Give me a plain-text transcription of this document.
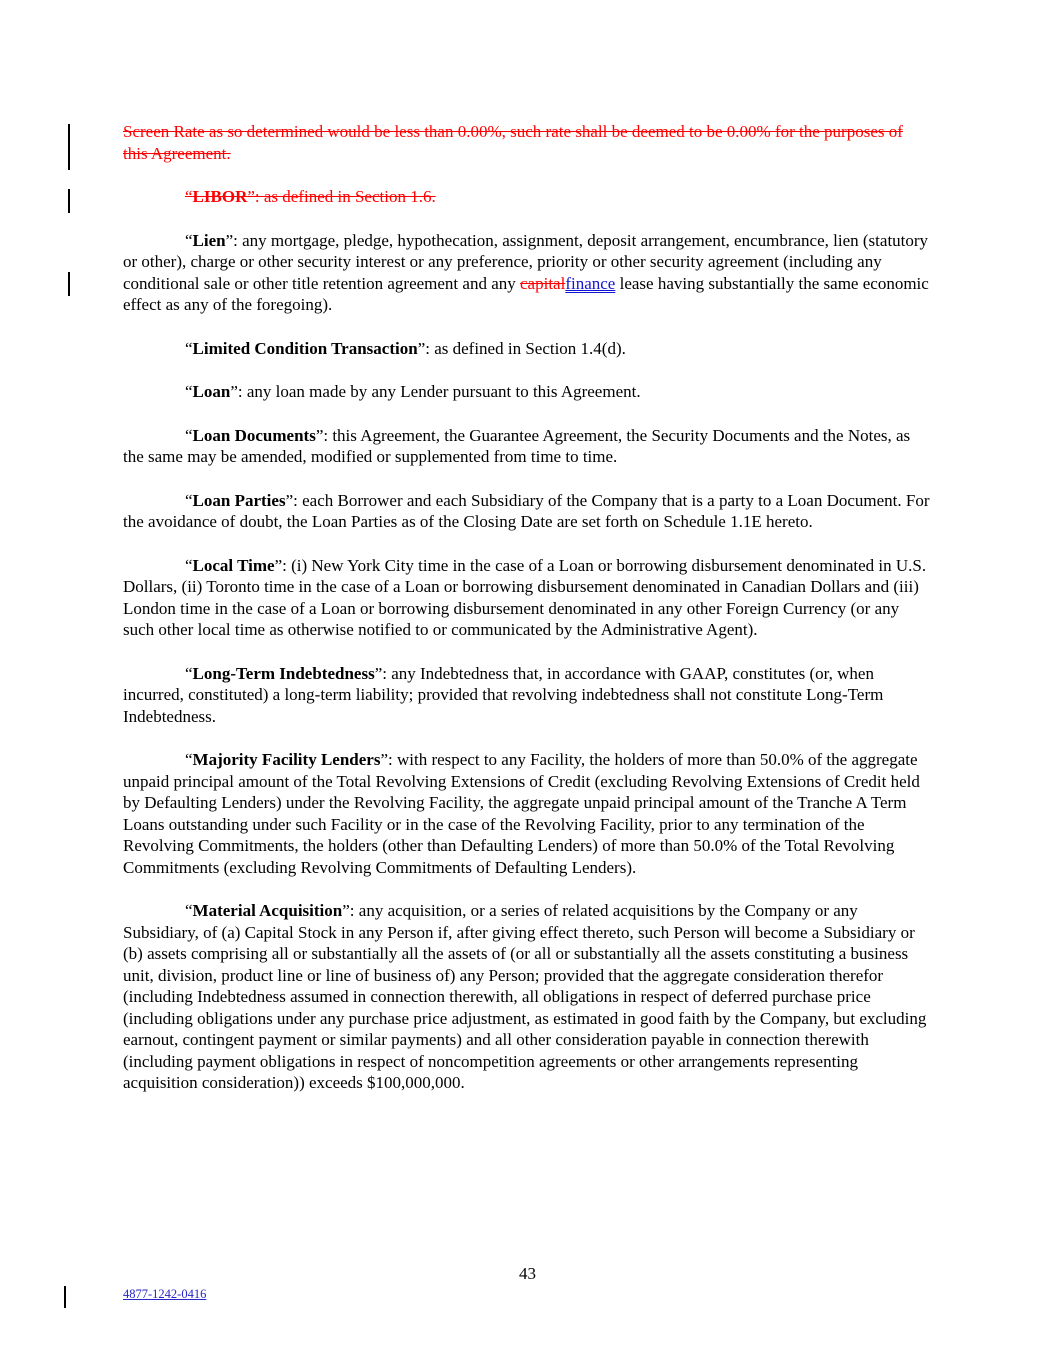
Screen Rate as so determined would be less than 0.00%, such rate shall be deemed to be 0.00% for the purposes of this Agreement.

“LIBOR”: as defined in Section 1.6.

“Lien”: any mortgage, pledge, hypothecation, assignment, deposit arrangement, encumbrance, lien (statutory or other), charge or other security interest or any preference, priority or other security agreement (including any conditional sale or other title retention agreement and any capitalfinance lease having substantially the same economic effect as any of the foregoing).

“Limited Condition Transaction”: as defined in Section 1.4(d).

“Loan”: any loan made by any Lender pursuant to this Agreement.

“Loan Documents”: this Agreement, the Guarantee Agreement, the Security Documents and the Notes, as the same may be amended, modified or supplemented from time to time.

“Loan Parties”: each Borrower and each Subsidiary of the Company that is a party to a Loan Document. For the avoidance of doubt, the Loan Parties as of the Closing Date are set forth on Schedule 1.1E hereto.

“Local Time”: (i) New York City time in the case of a Loan or borrowing disbursement denominated in U.S. Dollars, (ii) Toronto time in the case of a Loan or borrowing disbursement denominated in Canadian Dollars and (iii) London time in the case of a Loan or borrowing disbursement denominated in any other Foreign Currency (or any such other local time as otherwise notified to or communicated by the Administrative Agent).

“Long-Term Indebtedness”: any Indebtedness that, in accordance with GAAP, constitutes (or, when incurred, constituted) a long-term liability; provided that revolving indebtedness shall not constitute Long-Term Indebtedness.

“Majority Facility Lenders”: with respect to any Facility, the holders of more than 50.0% of the aggregate unpaid principal amount of the Total Revolving Extensions of Credit (excluding Revolving Extensions of Credit held by Defaulting Lenders) under the Revolving Facility, the aggregate unpaid principal amount of the Tranche A Term Loans outstanding under such Facility or in the case of the Revolving Facility, prior to any termination of the Revolving Commitments, the holders (other than Defaulting Lenders) of more than 50.0% of the Total Revolving Commitments (excluding Revolving Commitments of Defaulting Lenders).

“Material Acquisition”: any acquisition, or a series of related acquisitions by the Company or any Subsidiary, of (a) Capital Stock in any Person if, after giving effect thereto, such Person will become a Subsidiary or (b) assets comprising all or substantially all the assets of (or all or substantially all the assets constituting a business unit, division, product line or line of business of) any Person; provided that the aggregate consideration therefor (including Indebtedness assumed in connection therewith, all obligations in respect of deferred purchase price (including obligations under any purchase price adjustment, as estimated in good faith by the Company, but excluding earnout, contingent payment or similar payments) and all other consideration payable in connection therewith (including payment obligations in respect of noncompetition agreements or other arrangements representing acquisition consideration)) exceeds $100,000,000.

43
4877-1242-0416
